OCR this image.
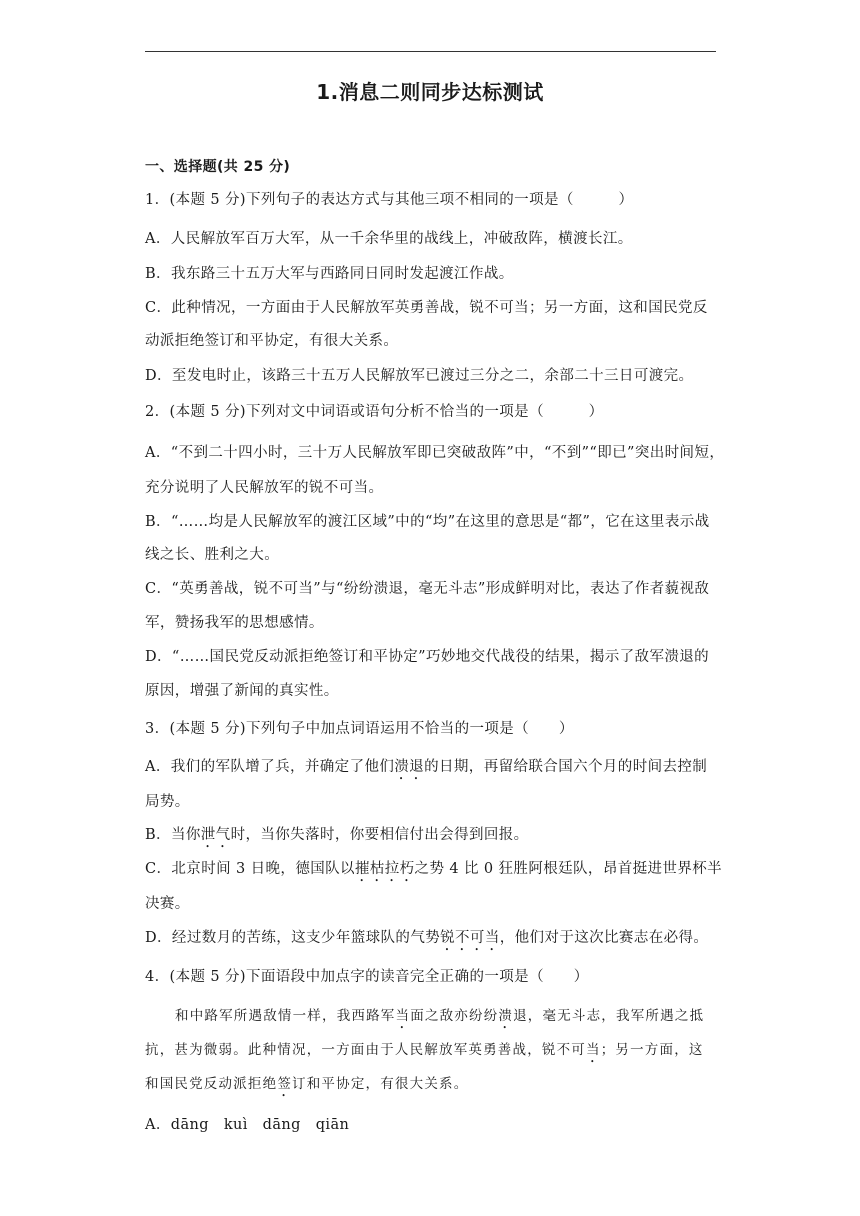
1.消息二则同步达标测试
一、选择题(共 25 分)
1．(本题 5 分)下列句子的表达方式与其他三项不相同的一项是（　　　）
A．人民解放军百万大军，从一千余华里的战线上，冲破敌阵，横渡长江。
B．我东路三十五万大军与西路同日同时发起渡江作战。
C．此种情况，一方面由于人民解放军英勇善战，锐不可当；另一方面，这和国民党反
动派拒绝签订和平协定，有很大关系。
D．至发电时止，该路三十五万人民解放军已渡过三分之二，余部二十三日可渡完。
2．(本题 5 分)下列对文中词语或语句分析不恰当的一项是（　　　）
A．“不到二十四小时，三十万人民解放军即已突破敌阵”中，“不到”“即已”突出时间短，
充分说明了人民解放军的锐不可当。
B．“……均是人民解放军的渡江区域”中的“均”在这里的意思是“都”，它在这里表示战
线之长、胜利之大。
C．“英勇善战，锐不可当”与“纷纷溃退，毫无斗志”形成鲜明对比，表达了作者藐视敌
军，赞扬我军的思想感情。
D．“……国民党反动派拒绝签订和平协定”巧妙地交代战役的结果，揭示了敌军溃退的
原因，增强了新闻的真实性。
3．(本题 5 分)下列句子中加点词语运用不恰当的一项是（　　）
A．我们的军队增了兵，并确定了他们溃退的日期，再留给联合国六个月的时间去控制
局势。
B．当你泄气时，当你失落时，你要相信付出会得到回报。
C．北京时间 3 日晚，德国队以摧枯拉朽之势 4 比 0 狂胜阿根廷队，昂首挺进世界杯半
决赛。
D．经过数月的苦练，这支少年篮球队的气势锐不可当，他们对于这次比赛志在必得。
4．(本题 5 分)下面语段中加点字的读音完全正确的一项是（　　）
和中路军所遇敌情一样，我西路军当面之敌亦纷纷溃退，毫无斗志，我军所遇之抵
抗，甚为微弱。此种情况，一方面由于人民解放军英勇善战，锐不可当；另一方面，这
和国民党反动派拒绝签订和平协定，有很大关系。
A．dāng　kuì　dāng　qiān
